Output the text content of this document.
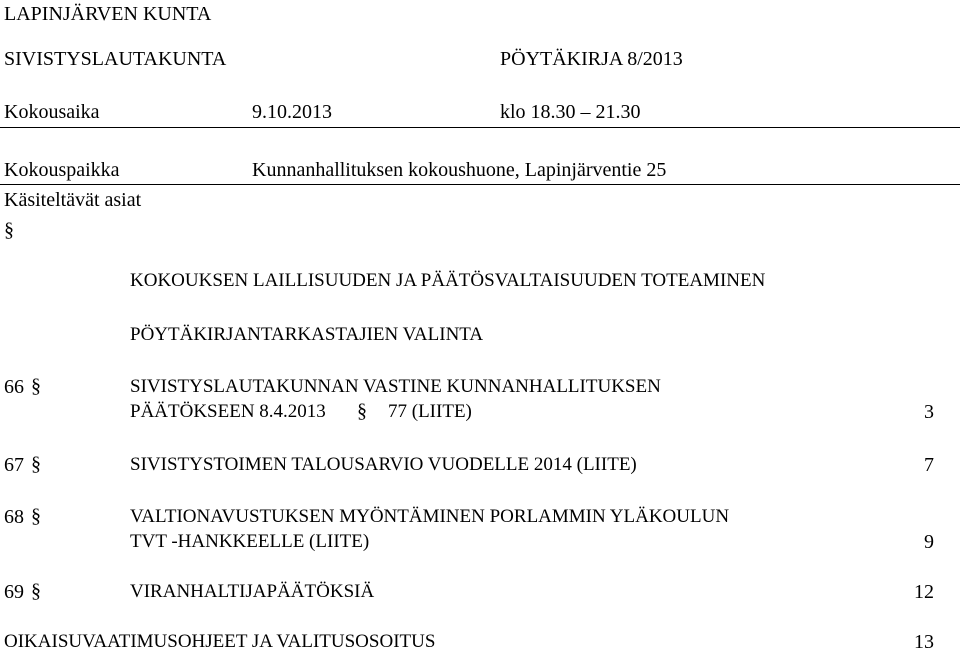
LAPINJÄRVEN KUNTA
SIVISTYSLAUTAKUNTA	PÖYTÄKIRJA 8/2013
Kokousaika	9.10.2013	klo 18.30 – 21.30
Kokouspaikka	Kunnanhallituksen kokoushuone, Lapinjärventie 25
Käsiteltävät asiat
§
KOKOUKSEN LAILLISUUDEN JA PÄÄTÖSVALTAISUUDEN TOTEAMINEN
PÖYTÄKIRJANTARKASTAJIEN VALINTA
66 §	SIVISTYSLAUTAKUNNAN VASTINE KUNNANHALLITUKSEN
PÄÄTÖKSEEN 8.4.2013 § 77 (LIITE)	3
67 §	SIVISTYSTOIMEN TALOUSARVIO VUODELLE 2014 (LIITE)	7
68 §	VALTIONAVUSTUKSEN MYÖNTÄMINEN PORLAMMIN YLÄKOULUN
TVT -HANKKEELLE (LIITE)	9
69 §	VIRANHALTIJAPÄÄTÖKSIÄ	12
OIKAISUVAATIMUSOHJEET JA VALITUSOSOITUS	13
